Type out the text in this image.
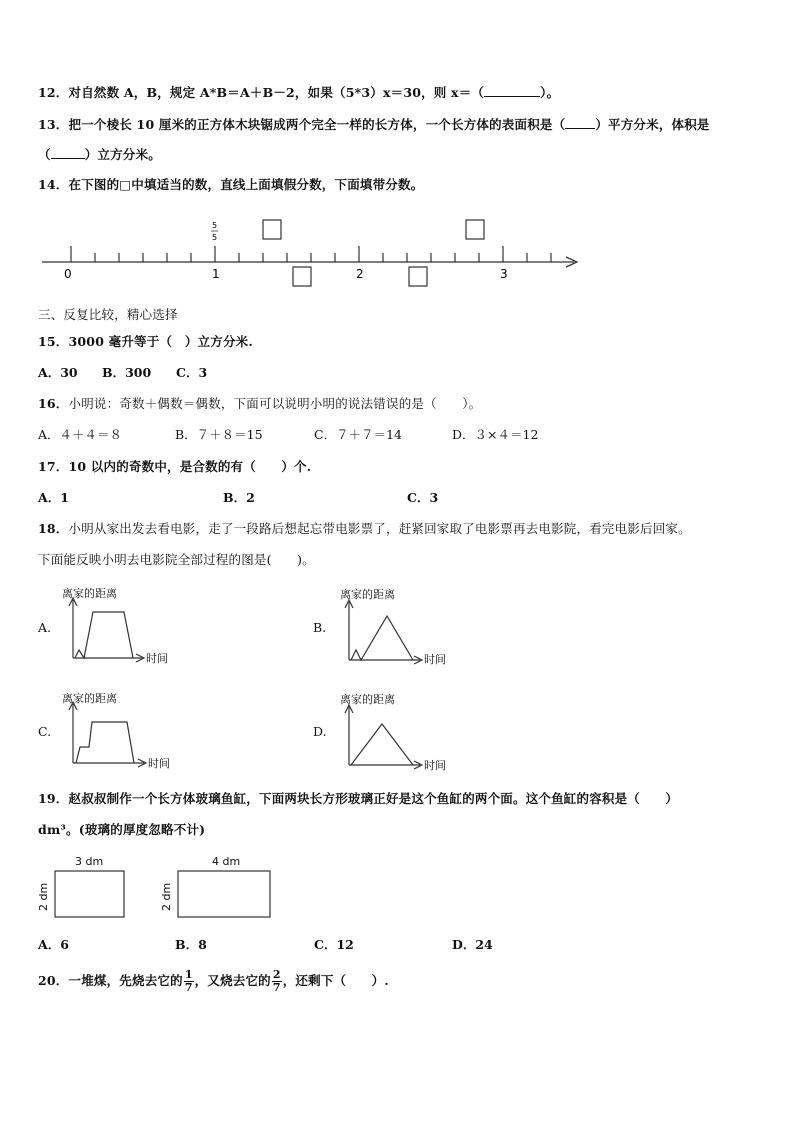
12．对自然数 A，B，规定 A*B＝A＋B－2，如果（5*3）x＝30，则 x＝（	）。
13．把一个棱长 10 厘米的正方体木块锯成两个完全一样的长方体，一个长方体的表面积是（ ）平方分米，体积是
（	）立方分米。
14．在下图的□中填适当的数，直线上面填假分数，下面填带分数。
0	1	2	3
5
5
三、反复比较，精心选择
15．3000 毫升等于（　）立方分米.
A．30 B．300 C．3
16．小明说：奇数＋偶数＝偶数，下面可以说明小明的说法错误的是（　　）。
A．４＋４＝８	B．７＋８＝15	C．７＋７＝14	D．３×４＝12
17．10 以内的奇数中，是合数的有（　　）个.
A．1	B．2	C．3
18．小明从家出发去看电影，走了一段路后想起忘带电影票了，赶紧回家取了电影票再去电影院，看完电影后回家。
下面能反映小明去电影院全部过程的图是(　　)。
A.	B.
C.	D.
离家的距离
时间
离家的距离
时间
离家的距离
时间
离家的距离
时间
19．赵叔叔制作一个长方体玻璃鱼缸，下面两块长方形玻璃正好是这个鱼缸的两个面。这个鱼缸的容积是（　　）
dm³。(玻璃的厚度忽略不计)
3 dm	4 dm
2 dm	2 dm
A．6	B．8	C．12	D．24
20．一堆煤，先烧去它的 $\frac{1}{7}$ ，又烧去它的 $\frac{2}{7}$ ，还剩下（　　）.
